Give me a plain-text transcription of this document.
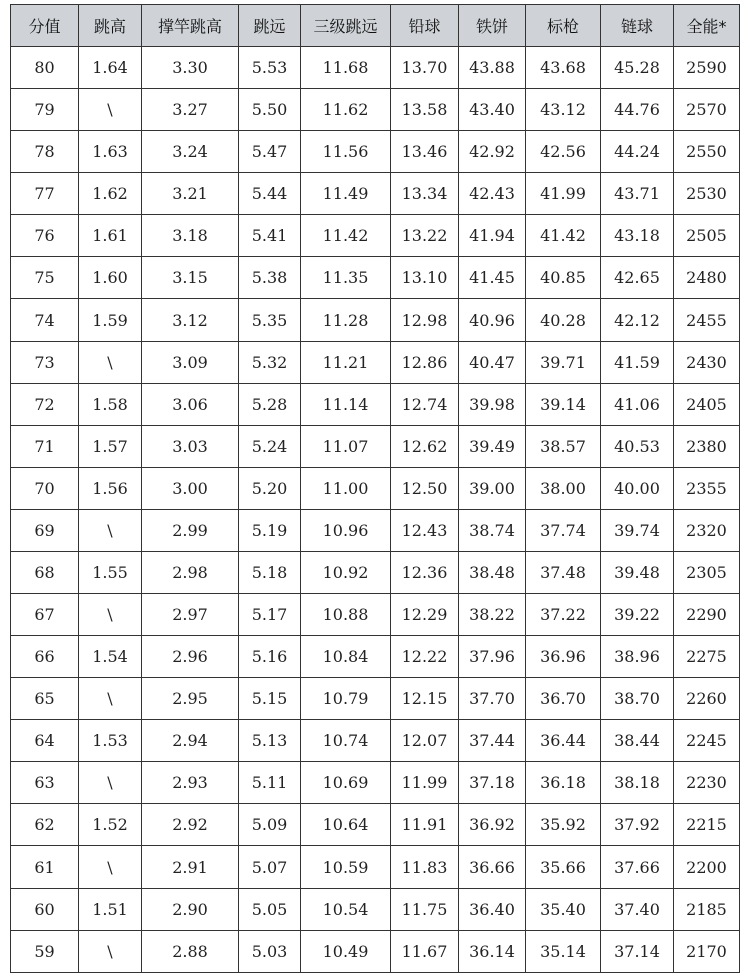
分值	跳高	撑竿跳高	跳远	三级跳远	铅球	铁饼	标枪	链球	全能*
80	1.64	3.30	5.53	11.68	13.70	43.88	43.68	45.28	2590
79	\	3.27	5.50	11.62	13.58	43.40	43.12	44.76	2570
78	1.63	3.24	5.47	11.56	13.46	42.92	42.56	44.24	2550
77	1.62	3.21	5.44	11.49	13.34	42.43	41.99	43.71	2530
76	1.61	3.18	5.41	11.42	13.22	41.94	41.42	43.18	2505
75	1.60	3.15	5.38	11.35	13.10	41.45	40.85	42.65	2480
74	1.59	3.12	5.35	11.28	12.98	40.96	40.28	42.12	2455
73	\	3.09	5.32	11.21	12.86	40.47	39.71	41.59	2430
72	1.58	3.06	5.28	11.14	12.74	39.98	39.14	41.06	2405
71	1.57	3.03	5.24	11.07	12.62	39.49	38.57	40.53	2380
70	1.56	3.00	5.20	11.00	12.50	39.00	38.00	40.00	2355
69	\	2.99	5.19	10.96	12.43	38.74	37.74	39.74	2320
68	1.55	2.98	5.18	10.92	12.36	38.48	37.48	39.48	2305
67	\	2.97	5.17	10.88	12.29	38.22	37.22	39.22	2290
66	1.54	2.96	5.16	10.84	12.22	37.96	36.96	38.96	2275
65	\	2.95	5.15	10.79	12.15	37.70	36.70	38.70	2260
64	1.53	2.94	5.13	10.74	12.07	37.44	36.44	38.44	2245
63	\	2.93	5.11	10.69	11.99	37.18	36.18	38.18	2230
62	1.52	2.92	5.09	10.64	11.91	36.92	35.92	37.92	2215
61	\	2.91	5.07	10.59	11.83	36.66	35.66	37.66	2200
60	1.51	2.90	5.05	10.54	11.75	36.40	35.40	37.40	2185
59	\	2.88	5.03	10.49	11.67	36.14	35.14	37.14	2170
